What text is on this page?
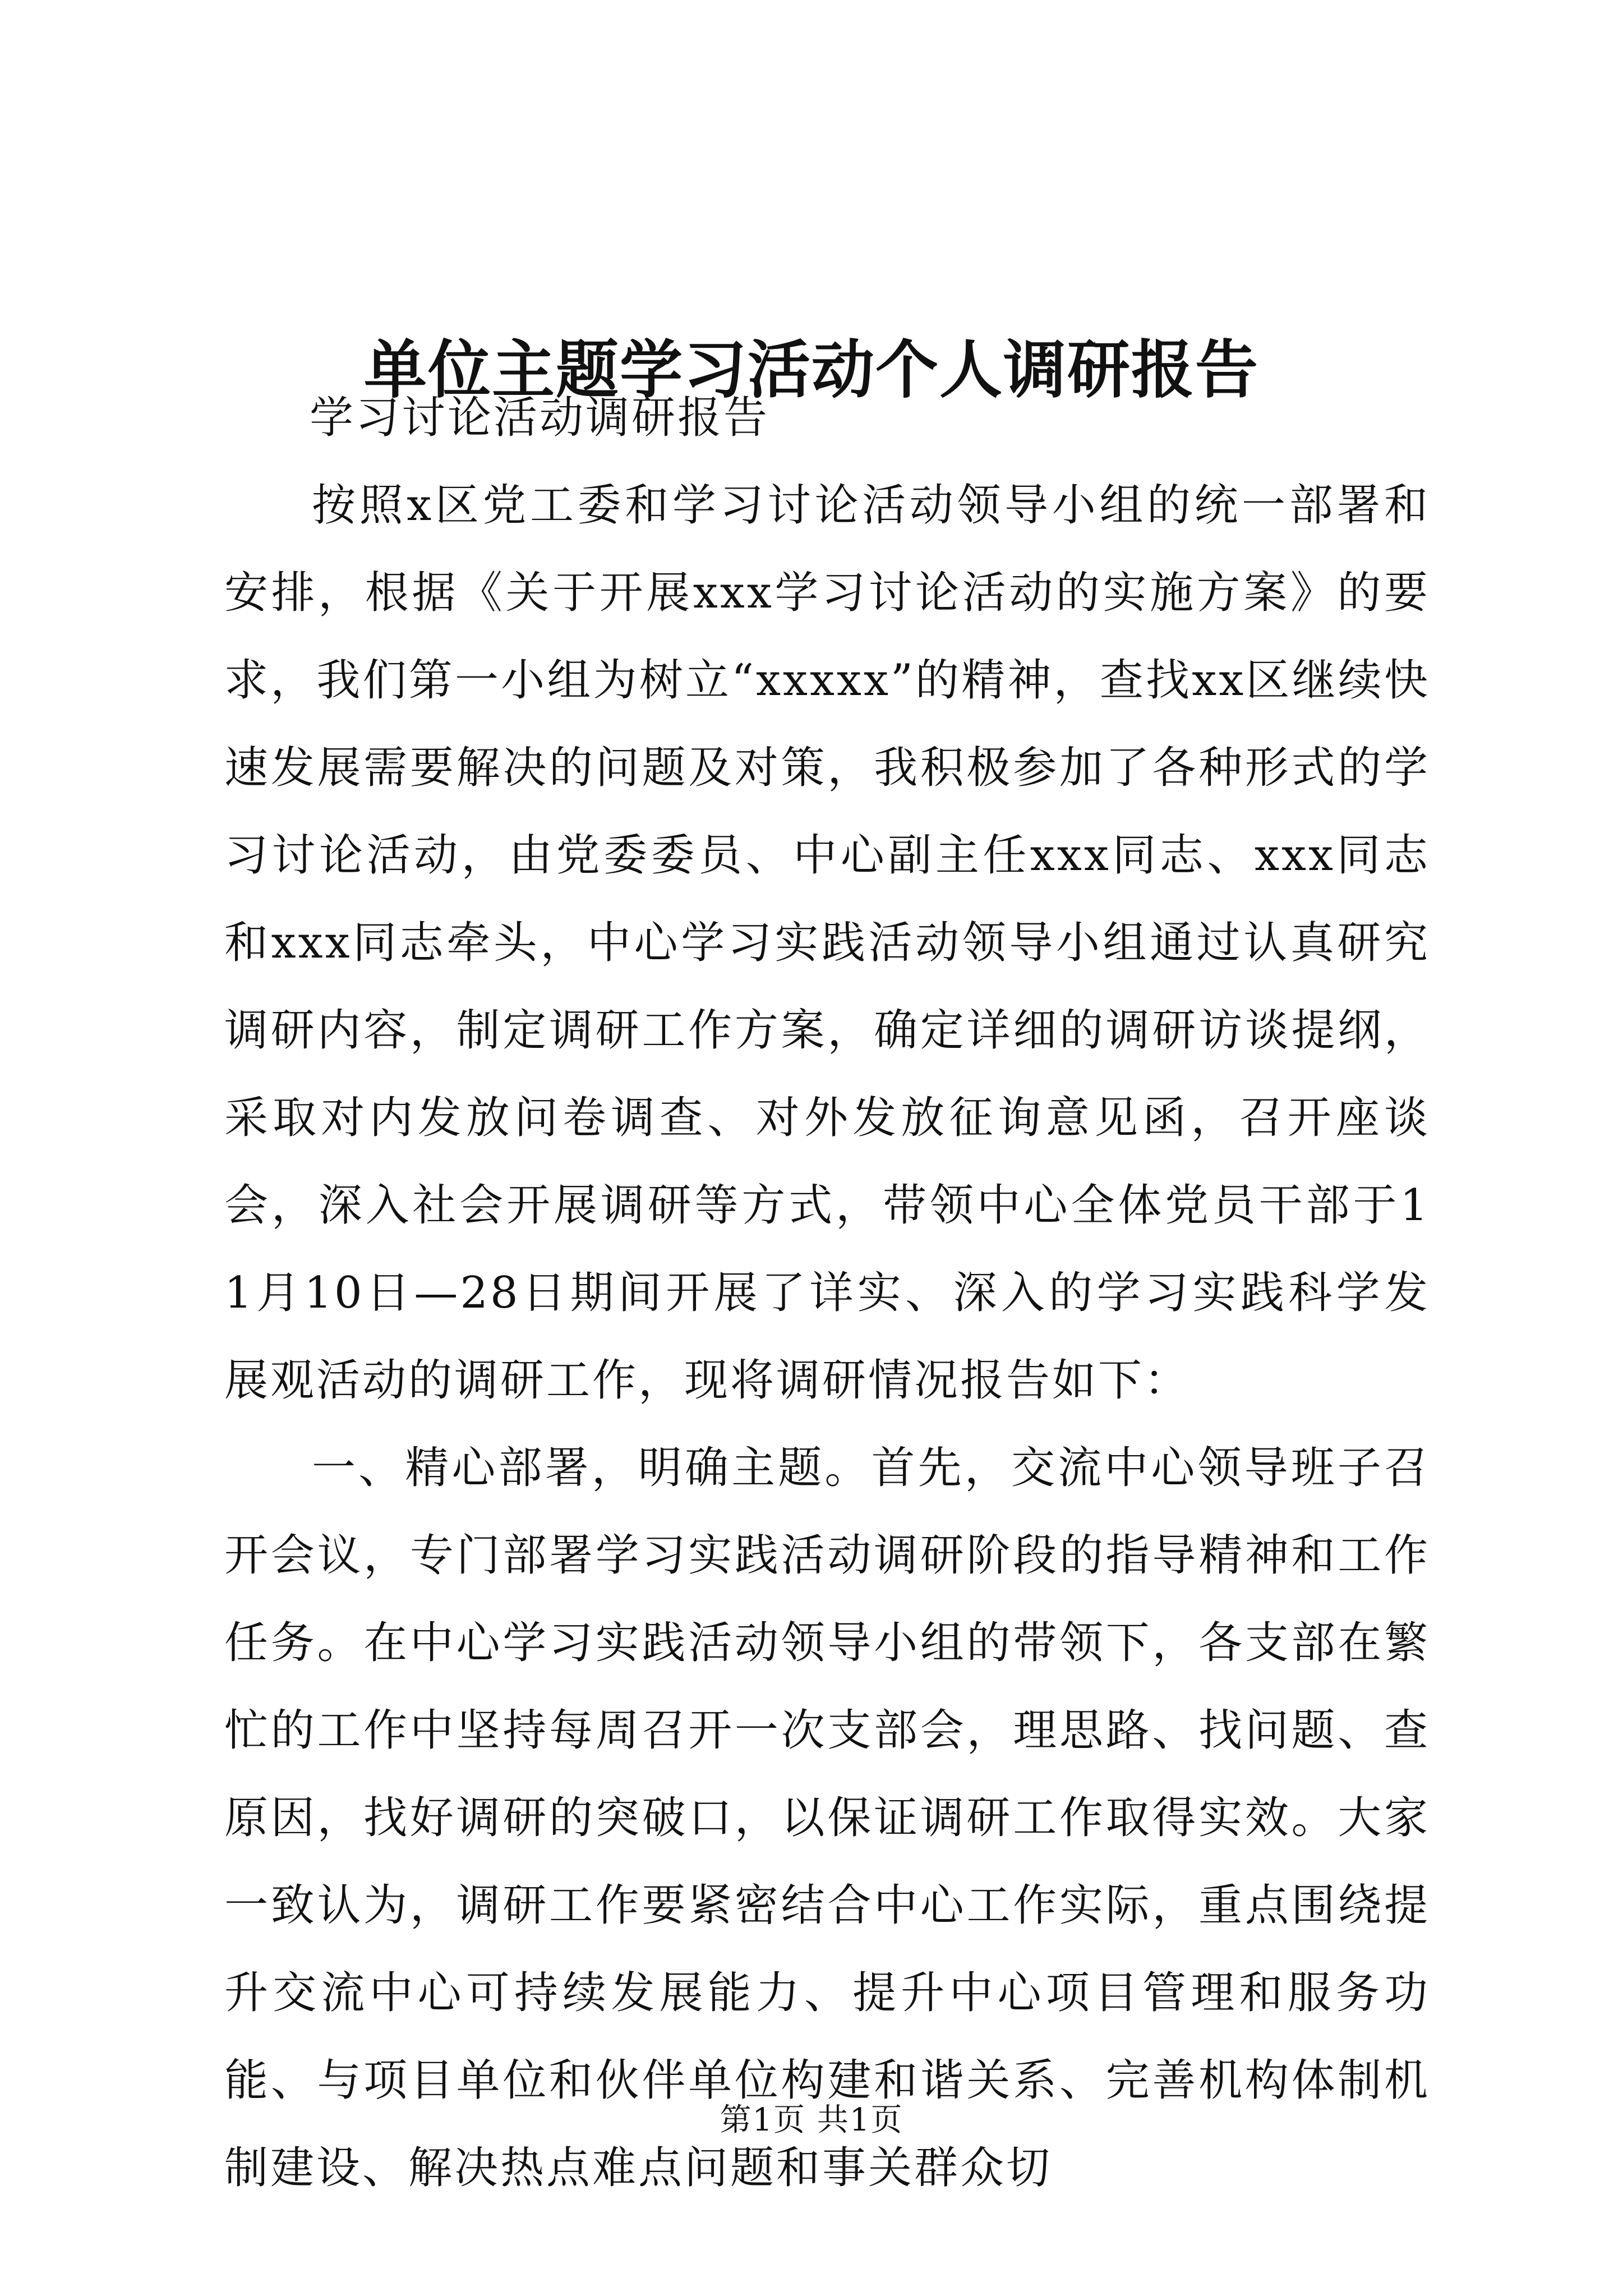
单位主题学习活动个人调研报告
学习讨论活动调研报告

按照x区党工委和学习讨论活动领导小组的统一部署和安排，根据《关于开展xxx学习讨论活动的实施方案》的要求，我们第一小组为树立“xxxxx”的精神，查找xx区继续快速发展需要解决的问题及对策，我积极参加了各种形式的学习讨论活动，由党委委员、中心副主任xxx同志、xxx同志和xxx同志牵头，中心学习实践活动领导小组通过认真研究调研内容，制定调研工作方案，确定详细的调研访谈提纲，采取对内发放问卷调查、对外发放征询意见函，召开座谈会，深入社会开展调研等方式，带领中心全体党员干部于11月10日—28日期间开展了详实、深入的学习实践科学发展观活动的调研工作，现将调研情况报告如下：

一、精心部署，明确主题。首先，交流中心领导班子召开会议，专门部署学习实践活动调研阶段的指导精神和工作任务。在中心学习实践活动领导小组的带领下，各支部在繁忙的工作中坚持每周召开一次支部会，理思路、找问题、查原因，找好调研的突破口，以保证调研工作取得实效。大家一致认为，调研工作要紧密结合中心工作实际，重点围绕提升交流中心可持续发展能力、提升中心项目管理和服务功能、与项目单位和伙伴单位构建和谐关系、完善机构体制机制建设、解决热点难点问题和事关群众切

第1页 共1页
